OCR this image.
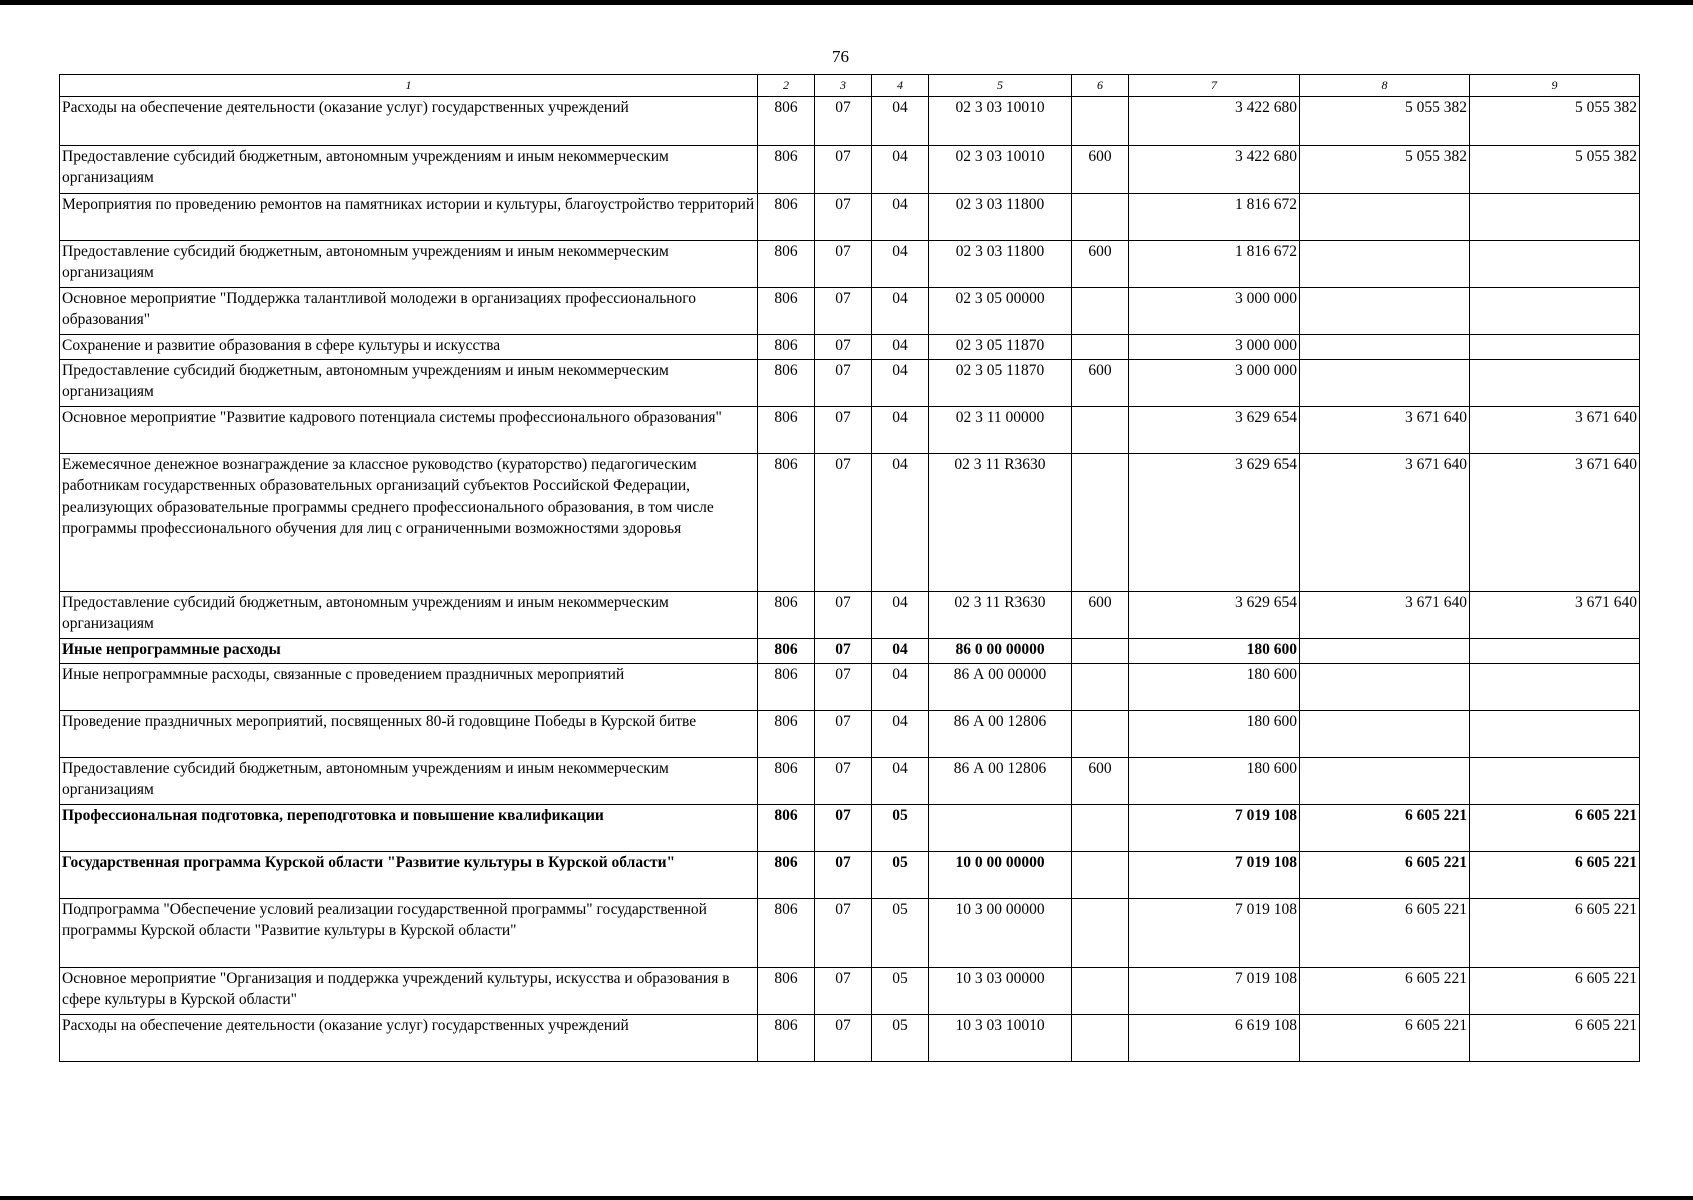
76
1	2	3	4	5	6	7	8	9
Расходы на обеспечение деятельности (оказание услуг) государственных учреждений	806	07	04	02 3 03 10010		3 422 680	5 055 382	5 055 382
Предоставление субсидий бюджетным, автономным учреждениям и иным некоммерческим организациям	806	07	04	02 3 03 10010	600	3 422 680	5 055 382	5 055 382
Мероприятия по проведению ремонтов на памятниках истории и культуры, благоустройство территорий	806	07	04	02 3 03 11800		1 816 672		
Предоставление субсидий бюджетным, автономным учреждениям и иным некоммерческим организациям	806	07	04	02 3 03 11800	600	1 816 672		
Основное мероприятие "Поддержка талантливой молодежи в организациях профессионального образования"	806	07	04	02 3 05 00000		3 000 000		
Сохранение и развитие образования в сфере культуры и искусства	806	07	04	02 3 05 11870		3 000 000		
Предоставление субсидий бюджетным, автономным учреждениям и иным некоммерческим организациям	806	07	04	02 3 05 11870	600	3 000 000		
Основное мероприятие "Развитие кадрового потенциала системы профессионального образования"	806	07	04	02 3 11 00000		3 629 654	3 671 640	3 671 640
Ежемесячное денежное вознаграждение за классное руководство (кураторство) педагогическим работникам государственных образовательных организаций субъектов Российской Федерации, реализующих образовательные программы среднего профессионального образования, в том числе программы профессионального обучения для лиц с ограниченными возможностями здоровья	806	07	04	02 3 11 R3630		3 629 654	3 671 640	3 671 640
Предоставление субсидий бюджетным, автономным учреждениям и иным некоммерческим организациям	806	07	04	02 3 11 R3630	600	3 629 654	3 671 640	3 671 640
Иные непрограммные расходы	806	07	04	86 0 00 00000		180 600		
Иные непрограммные расходы, связанные с проведением праздничных мероприятий	806	07	04	86 А 00 00000		180 600		
Проведение праздничных мероприятий, посвященных 80-й годовщине Победы в Курской битве	806	07	04	86 А 00 12806		180 600		
Предоставление субсидий бюджетным, автономным учреждениям и иным некоммерческим организациям	806	07	04	86 А 00 12806	600	180 600		
Профессиональная подготовка, переподготовка и повышение квалификации	806	07	05			7 019 108	6 605 221	6 605 221
Государственная программа Курской области "Развитие культуры в Курской области"	806	07	05	10 0 00 00000		7 019 108	6 605 221	6 605 221
Подпрограмма "Обеспечение условий реализации государственной программы" государственной программы Курской области "Развитие культуры в Курской области"	806	07	05	10 3 00 00000		7 019 108	6 605 221	6 605 221
Основное мероприятие "Организация и поддержка учреждений культуры, искусства и образования в сфере культуры в Курской области"	806	07	05	10 3 03 00000		7 019 108	6 605 221	6 605 221
Расходы на обеспечение деятельности (оказание услуг) государственных учреждений	806	07	05	10 3 03 10010		6 619 108	6 605 221	6 605 221
